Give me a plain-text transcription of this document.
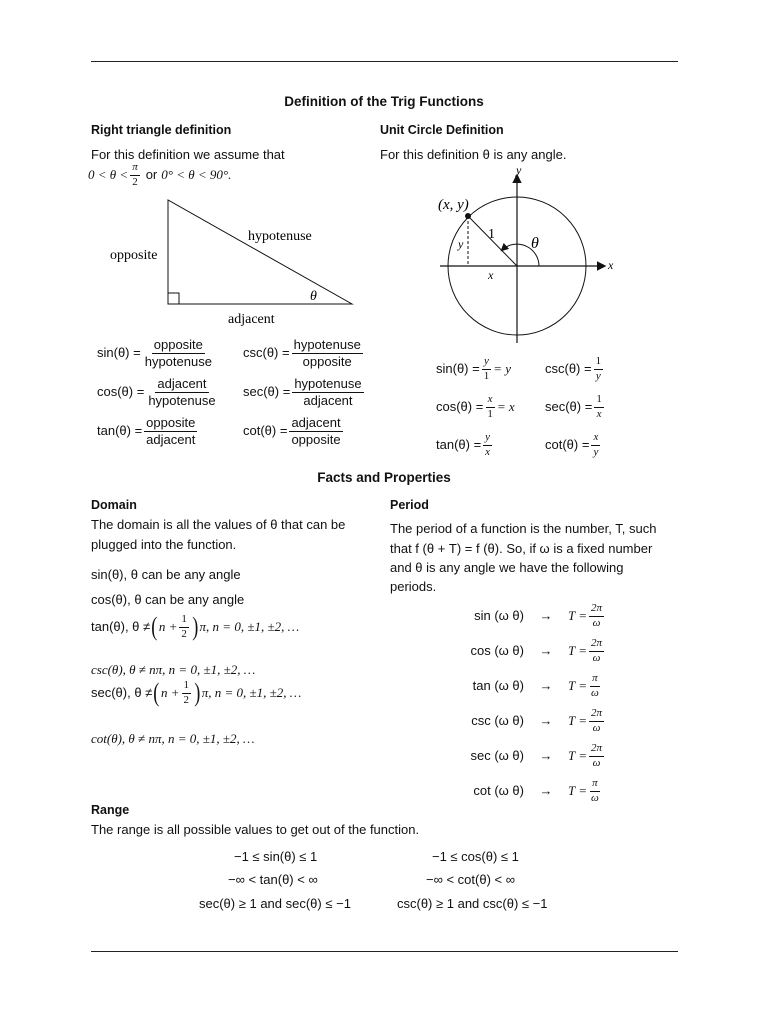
Definition of the Trig Functions
Right triangle definition
For this definition we assume that
$0 < \theta < \frac{\pi}{2}$ or 0° < θ < 90°.
hypotenuse
opposite
adjacent
θ
$\sin(\theta) = \frac{\text{opposite}}{\text{hypotenuse}} \csc(\theta) = \frac{\text{hypotenuse}}{\text{opposite}}$
$\cos(\theta) = \frac{\text{adjacent}}{\text{hypotenuse}} \sec(\theta) = \frac{\text{hypotenuse}}{\text{adjacent}}$
$\tan(\theta) = \frac{\text{opposite}}{\text{adjacent}}$	$\cot(\theta) = \frac{\text{adjacent}}{\text{opposite}}$
Unit Circle Definition
For this definition θ is any angle.
(x, y)
y
x
1
θ
y
x
$\sin(\theta) = \frac{y}{1} = y$	$\csc(\theta) = \frac{1}{y}$
$\cos(\theta) = \frac{x}{1} = x$ $\sec(\theta) = \frac{1}{x}$
$\tan(\theta) = \frac{y}{x}$	$\cot(\theta) = \frac{x}{y}$
Facts and Properties
Domain
The domain is all the values of θ that can be
plugged into the function.
sin(θ), θ can be any angle
cos(θ), θ can be any angle
tan(θ), θ ≠ ( $n + \frac{1}{2}$ ) π, n = 0, ±1, ±2, …
csc(θ), θ ≠ nπ, n = 0, ±1, ±2, …
sec(θ), θ ≠ ( $n + \frac{1}{2}$ ) π, n = 0, ±1, ±2, …
cot(θ), θ ≠ nπ, n = 0, ±1, ±2, …
Period
The period of a function is the number, T, such
that f (θ + T) = f (θ). So, if ω is a fixed number
and θ is any angle we have the following
periods.
sin (ω θ)	→	$T = \frac{2\pi}{\omega}$
cos (ω θ)	→	$T = \frac{2\pi}{\omega}$
tan (ω θ)	→	$T = \frac{\pi}{\omega}$
csc (ω θ)	→	$T = \frac{2\pi}{\omega}$
sec (ω θ)	→	$T = \frac{2\pi}{\omega}$
cot (ω θ)	→	$T = \frac{\pi}{\omega}$
Range
The range is all possible values to get out of the function.
−1 ≤ sin(θ) ≤ 1	−1 ≤ cos(θ) ≤ 1
−∞ < tan(θ) < ∞	−∞ < cot(θ) < ∞
sec(θ) ≥ 1 and sec(θ) ≤ −1	csc(θ) ≥ 1 and csc(θ) ≤ −1
